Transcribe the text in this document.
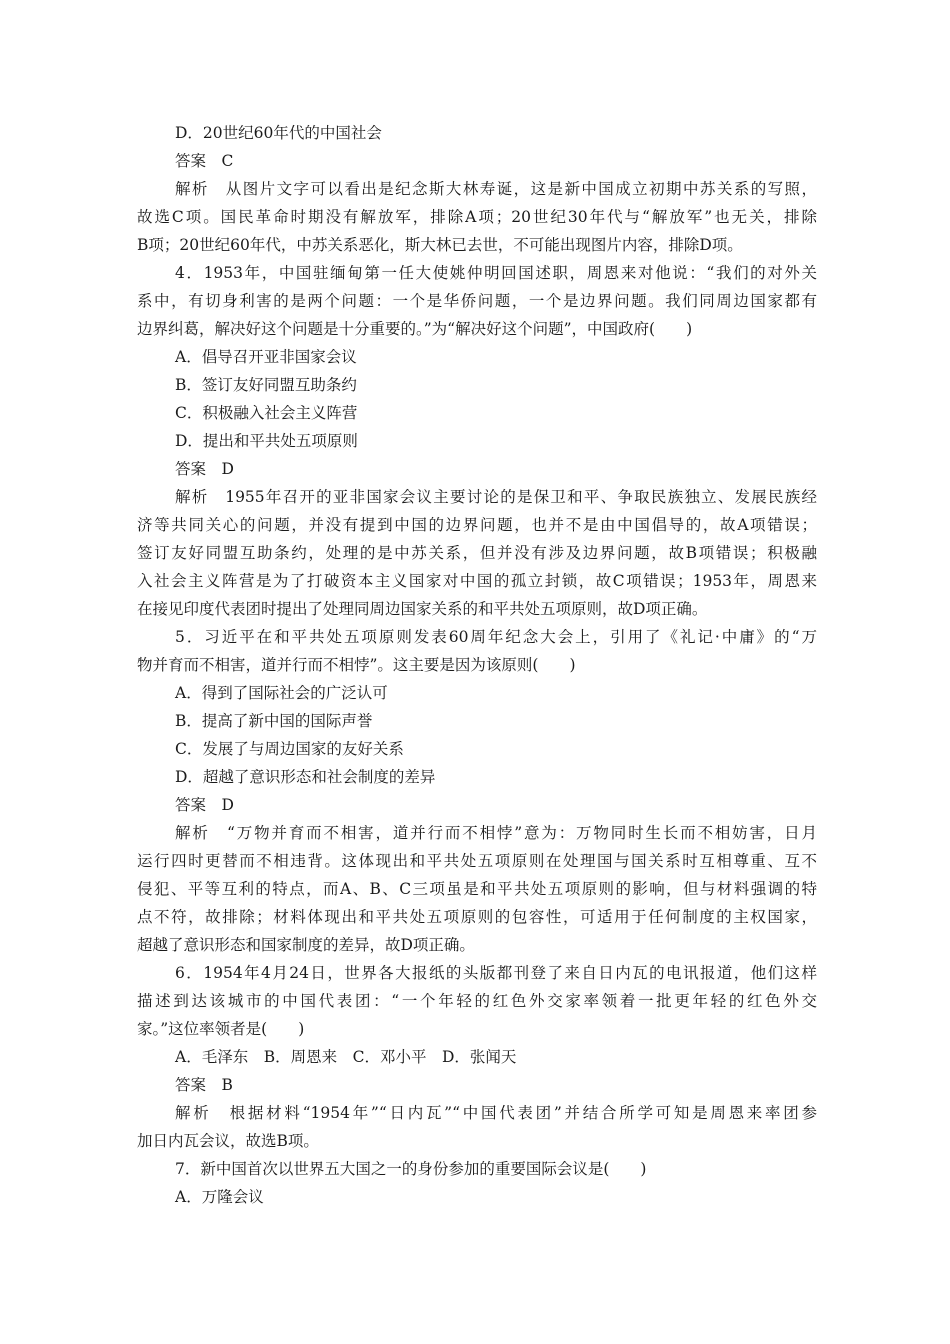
D．20世纪60年代的中国社会
答案　C
解析　从图片文字可以看出是纪念斯大林寿诞，这是新中国成立初期中苏关系的写照，
故选C项。国民革命时期没有解放军，排除A项；20世纪30年代与“解放军”也无关，排除
B项；20世纪60年代，中苏关系恶化，斯大林已去世，不可能出现图片内容，排除D项。
4．1953年，中国驻缅甸第一任大使姚仲明回国述职，周恩来对他说：“我们的对外关
系中，有切身利害的是两个问题：一个是华侨问题，一个是边界问题。我们同周边国家都有
边界纠葛，解决好这个问题是十分重要的。”为“解决好这个问题”，中国政府(　　)
A．倡导召开亚非国家会议
B．签订友好同盟互助条约
C．积极融入社会主义阵营
D．提出和平共处五项原则
答案　D
解析　1955年召开的亚非国家会议主要讨论的是保卫和平、争取民族独立、发展民族经
济等共同关心的问题，并没有提到中国的边界问题，也并不是由中国倡导的，故A项错误；
签订友好同盟互助条约，处理的是中苏关系，但并没有涉及边界问题，故B项错误；积极融
入社会主义阵营是为了打破资本主义国家对中国的孤立封锁，故C项错误；1953年，周恩来
在接见印度代表团时提出了处理同周边国家关系的和平共处五项原则，故D项正确。
5．习近平在和平共处五项原则发表60周年纪念大会上，引用了《礼记·中庸》的“万
物并育而不相害，道并行而不相悖”。这主要是因为该原则(　　)
A．得到了国际社会的广泛认可
B．提高了新中国的国际声誉
C．发展了与周边国家的友好关系
D．超越了意识形态和社会制度的差异
答案　D
解析　“万物并育而不相害，道并行而不相悖”意为：万物同时生长而不相妨害，日月
运行四时更替而不相违背。这体现出和平共处五项原则在处理国与国关系时互相尊重、互不
侵犯、平等互利的特点，而A、B、C三项虽是和平共处五项原则的影响，但与材料强调的特
点不符，故排除；材料体现出和平共处五项原则的包容性，可适用于任何制度的主权国家，
超越了意识形态和国家制度的差异，故D项正确。
6．1954年4月24日，世界各大报纸的头版都刊登了来自日内瓦的电讯报道，他们这样
描述到达该城市的中国代表团：“一个年轻的红色外交家率领着一批更年轻的红色外交
家。”这位率领者是(　　)
A．毛泽东　B．周恩来　C．邓小平　D．张闻天
答案　B
解析　根据材料“1954年”“日内瓦”“中国代表团”并结合所学可知是周恩来率团参
加日内瓦会议，故选B项。
7．新中国首次以世界五大国之一的身份参加的重要国际会议是(　　)
A．万隆会议
